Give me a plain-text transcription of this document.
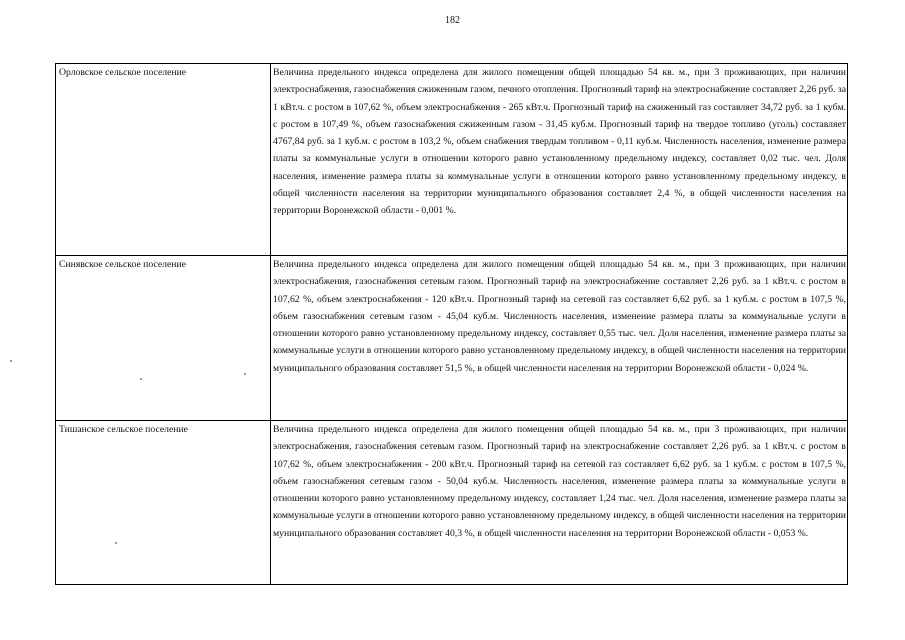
182
Орловское сельское поселение	Величина предельного индекса определена для жилого помещения общей площадью 54 кв. м., при 3 проживающих, при наличии электроснабжения, газоснабжения сжиженным газом, печного отопления. Прогнозный тариф на электроснабжение составляет 2,26 руб. за 1 кВт.ч. с ростом в 107,62 %, объем электроснабжения - 265 кВт.ч. Прогнозный тариф на сжиженный газ составляет 34,72 руб. за 1 кубм. с ростом в 107,49 %, объем газоснабжения сжиженным газом - 31,45 куб.м. Прогнозный тариф на твердое топливо (уголь) составляет 4767,84 руб. за 1 куб.м. с ростом в 103,2 %, объем снабжения твердым топливом - 0,11 куб.м. Численность населения, изменение размера платы за коммунальные услуги в отношении которого равно установленному предельному индексу, составляет 0,02 тыс. чел. Доля населения, изменение размера платы за коммунальные услуги в отношении которого равно установленному предельному индексу, в общей численности населения на территории муниципального образования составляет 2,4 %, в общей численности населения на территории Воронежской области - 0,001 %.
Синявское сельское поселение	Величина предельного индекса определена для жилого помещения общей площадью 54 кв. м., при 3 проживающих, при наличии электроснабжения, газоснабжения сетевым газом. Прогнозный тариф на электроснабжение составляет 2,26 руб. за 1 кВт.ч. с ростом в 107,62 %, объем электроснабжения - 120 кВт.ч. Прогнозный тариф на сетевой газ составляет 6,62 руб. за 1 куб.м. с ростом в 107,5 %, объем газоснабжения сетевым газом - 45,04 куб.м. Численность населения, изменение размера платы за коммунальные услуги в отношении которого равно установленному предельному индексу, составляет 0,55 тыс. чел. Доля населения, изменение размера платы за коммунальные услуги в отношении которого равно установленному предельному индексу, в общей численности населения на территории муниципального образования составляет 51,5 %, в общей численности населения на территории Воронежской области - 0,024 %.
Тишанское сельское поселение	Величина предельного индекса определена для жилого помещения общей площадью 54 кв. м., при 3 проживающих, при наличии электроснабжения, газоснабжения сетевым газом. Прогнозный тариф на электроснабжение составляет 2,26 руб. за 1 кВт.ч. с ростом в 107,62 %, объем электроснабжения - 200 кВт.ч. Прогнозный тариф на сетевой газ составляет 6,62 руб. за 1 куб.м. с ростом в 107,5 %, объем газоснабжения сетевым газом - 50,04 куб.м. Численность населения, изменение размера платы за коммунальные услуги в отношении которого равно установленному предельному индексу, составляет 1,24 тыс. чел. Доля населения, изменение размера платы за коммунальные услуги в отношении которого равно установленному предельному индексу, в общей численности населения на территории муниципального образования составляет 40,3 %, в общей численности населения на территории Воронежской области - 0,053 %.
